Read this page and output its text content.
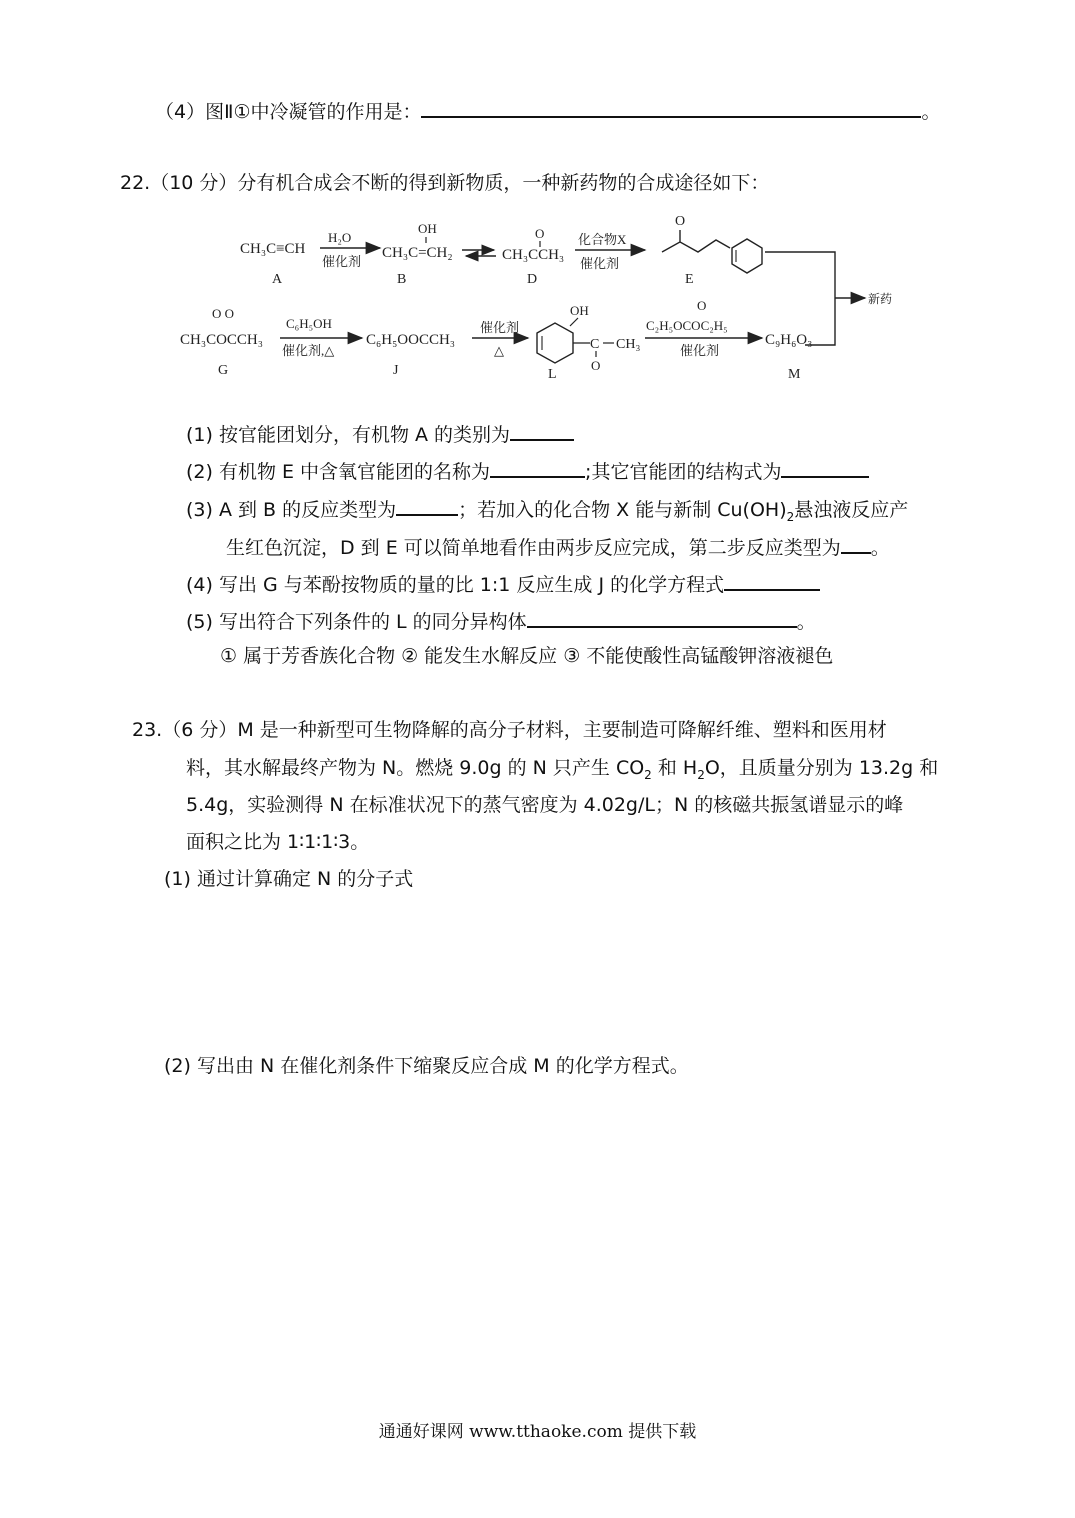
（4）图Ⅱ①中冷凝管的作用是：	。
22.（10 分）分有机合成会不断的得到新物质，一种新药物的合成途径如下：
CH₃C≡CH
A
H₂O
催化剂
OH
CH₃C=CH₂
B
O
CH₃CCH₃
D
化合物X
催化剂
O
E
新药
O O
CH₃COCCH₃
G
C₆H₅OH
催化剂,△
C₆H₅OOCCH₃
J
催化剂
△
OH
C
O
CH₃
L
O
C₂H₅OCOC₂H₅
催化剂
C₉H₆O₃
M
(1) 按官能团划分，有机物 A 的类别为
(2) 有机物 E 中含氧官能团的名称为	;其它官能团的结构式为
(3) A 到 B 的反应类型为	；若加入的化合物 X 能与新制 $Cu(OH)_2$悬浊液反应产
生红色沉淀，D 到 E 可以简单地看作由两步反应完成，第二步反应类型为 。
(4) 写出 G 与苯酚按物质的量的比 1:1 反应生成 J 的化学方程式
(5) 写出符合下列条件的 L 的同分异构体	。
① 属于芳香族化合物 ② 能发生水解反应 ③ 不能使酸性高锰酸钾溶液褪色
23.（6 分）M 是一种新型可生物降解的高分子材料，主要制造可降解纤维、塑料和医用材
料，其水解最终产物为 N。燃烧 9.0g 的 N 只产生 $CO_2$ 和 $H_2O$，且质量分别为 13.2g 和
5.4g，实验测得 N 在标准状况下的蒸气密度为 4.02g/L；N 的核磁共振氢谱显示的峰
面积之比为 1∶1∶1∶3。
(1) 通过计算确定 N 的分子式
(2) 写出由 N 在催化剂条件下缩聚反应合成 M 的化学方程式。
通通好课网 www.tthaoke.com 提供下载
